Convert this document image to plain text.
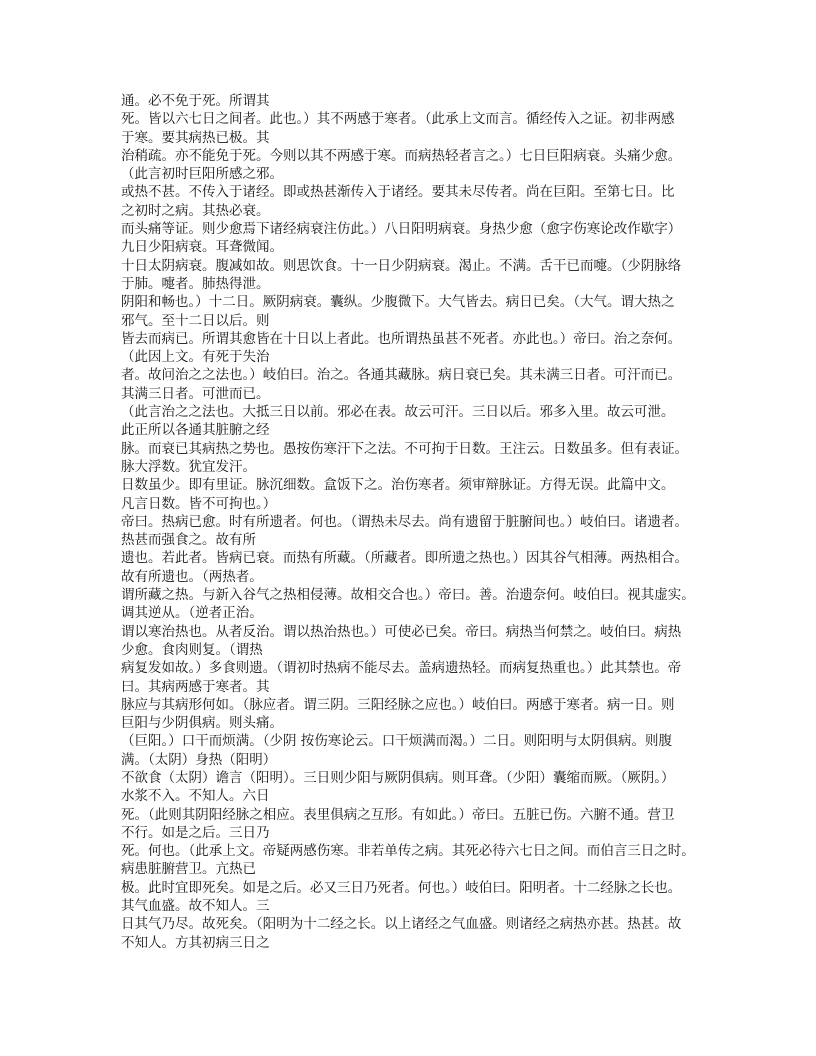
通。必不免于死。所谓其
死。皆以六七日之间者。此也。）其不两感于寒者。（此承上文而言。循经传入之证。初非两感
于寒。要其病热已极。其
治稍疏。亦不能免于死。今则以其不两感于寒。而病热轻者言之。）七日巨阳病衰。头痛少愈。
（此言初时巨阳所感之邪。
或热不甚。不传入于诸经。即或热甚渐传入于诸经。要其未尽传者。尚在巨阳。至第七日。比
之初时之病。其热必衰。
而头痛等证。则少愈焉下诸经病衰注仿此。）八日阳明病衰。身热少愈（愈字伤寒论改作歇字）
九日少阳病衰。耳聋微闻。
十日太阴病衰。腹减如故。则思饮食。十一日少阴病衰。渴止。不满。舌干已而嚏。（少阴脉络
于肺。嚏者。肺热得泄。
阴阳和畅也。）十二日。厥阴病衰。囊纵。少腹微下。大气皆去。病日已矣。（大气。谓大热之
邪气。至十二日以后。则
皆去而病已。所谓其愈皆在十日以上者此。也所谓热虽甚不死者。亦此也。）帝曰。治之奈何。
（此因上文。有死于失治
者。故问治之之法也。）岐伯曰。治之。各通其藏脉。病日衰已矣。其未满三日者。可汗而已。
其满三日者。可泄而已。
（此言治之之法也。大抵三日以前。邪必在表。故云可汗。三日以后。邪多入里。故云可泄。
此正所以各通其脏腑之经
脉。而衰已其病热之势也。愚按伤寒汗下之法。不可拘于日数。王注云。日数虽多。但有表证。
脉大浮数。犹宜发汗。
日数虽少。即有里证。脉沉细数。盒饭下之。治伤寒者。须审辩脉证。方得无误。此篇中文。
凡言日数。皆不可拘也。）
帝曰。热病已愈。时有所遗者。何也。（谓热未尽去。尚有遗留于脏腑间也。）岐伯曰。诸遗者。
热甚而强食之。故有所
遗也。若此者。皆病已衰。而热有所藏。（所藏者。即所遗之热也。）因其谷气相薄。两热相合。
故有所遗也。（两热者。
谓所藏之热。与新入谷气之热相侵薄。故相交合也。）帝曰。善。治遗奈何。岐伯曰。视其虚实。
调其逆从。（逆者正治。
谓以寒治热也。从者反治。谓以热治热也。）可使必已矣。帝曰。病热当何禁之。岐伯曰。病热
少愈。食肉则复。（谓热
病复发如故。）多食则遗。（谓初时热病不能尽去。盖病遗热轻。而病复热重也。）此其禁也。帝
曰。其病两感于寒者。其
脉应与其病形何如。（脉应者。谓三阴。三阳经脉之应也。）岐伯曰。两感于寒者。病一日。则
巨阳与少阴俱病。则头痛。
（巨阳。）口干而烦满。（少阴 按伤寒论云。口干烦满而渴。）二日。则阳明与太阴俱病。则腹
满。（太阴）身热（阳明）
不欲食（太阴）谵言（阳明）。三日则少阳与厥阴俱病。则耳聋。（少阳）囊缩而厥。（厥阴。）
水浆不入。不知人。六日
死。（此则其阴阳经脉之相应。表里俱病之互形。有如此。）帝曰。五脏已伤。六腑不通。营卫
不行。如是之后。三日乃
死。何也。（此承上文。帝疑两感伤寒。非若单传之病。其死必待六七日之间。而伯言三日之时。
病患脏腑营卫。亢热已
极。此时宜即死矣。如是之后。必又三日乃死者。何也。）岐伯曰。阳明者。十二经脉之长也。
其气血盛。故不知人。三
日其气乃尽。故死矣。（阳明为十二经之长。以上诸经之气血盛。则诸经之病热亦甚。热甚。故
不知人。方其初病三日之
